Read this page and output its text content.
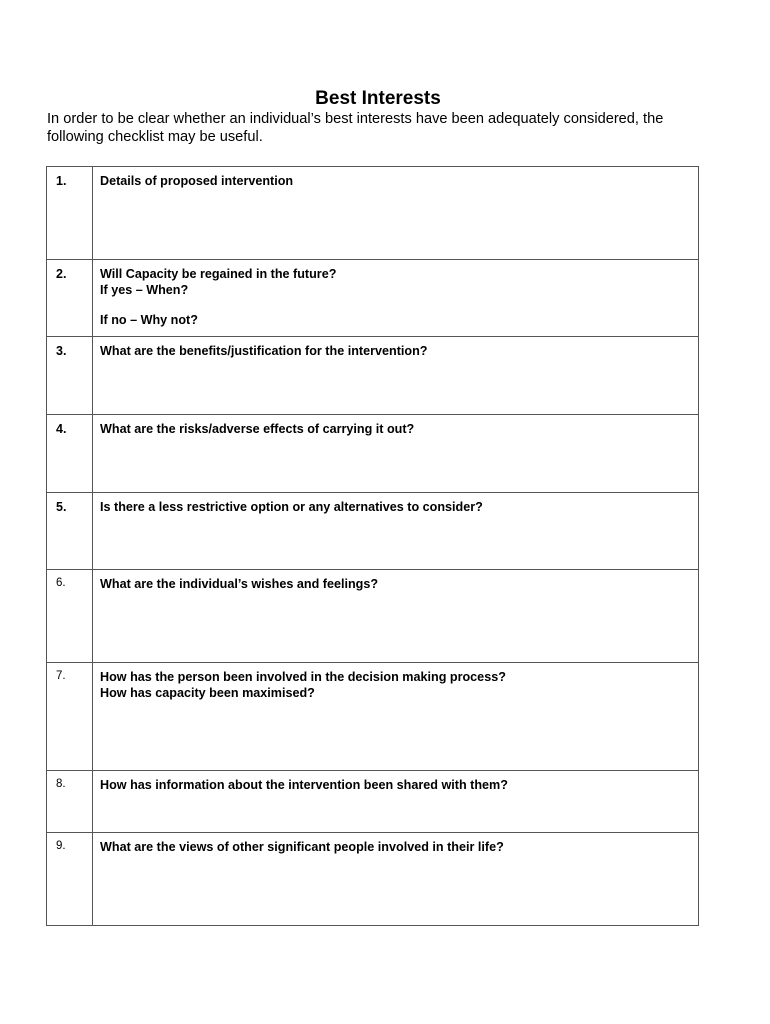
Best Interests
In order to be clear whether an individual’s best interests have been adequately considered, the following checklist may be useful.
1.	Details of proposed intervention

2.	Will Capacity be regained in the future?
If yes – When?
If no – Why not?

3.	What are the benefits/justification for the intervention?

4.	What are the risks/adverse effects of carrying it out?

5.	Is there a less restrictive option or any alternatives to consider?

6.	What are the individual’s wishes and feelings?

7.	How has the person been involved in the decision making process?
How has capacity been maximised?

8.	How has information about the intervention been shared with them?

9.	What are the views of other significant people involved in their life?
